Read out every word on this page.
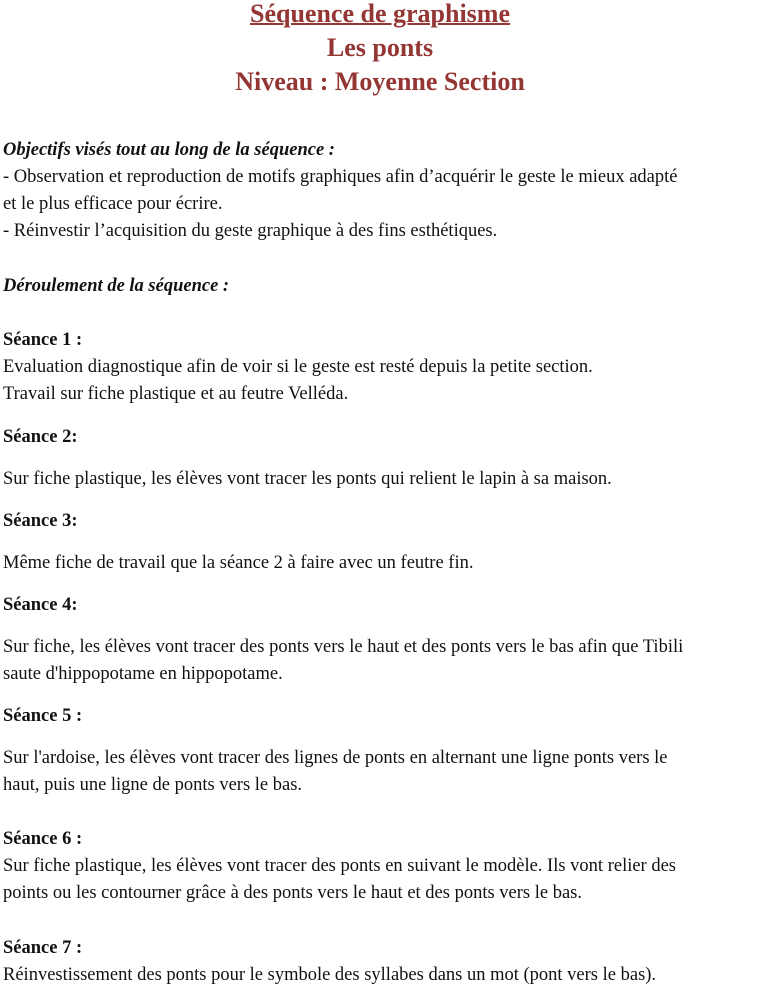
Séquence de graphisme
Les ponts
Niveau : Moyenne Section
Objectifs visés tout au long de la séquence :
- Observation et reproduction de motifs graphiques afin d’acquérir le geste le mieux adapté
et le plus efficace pour écrire.
- Réinvestir l’acquisition du geste graphique à des fins esthétiques.
Déroulement de la séquence :
Séance 1 :
Evaluation diagnostique afin de voir si le geste est resté depuis la petite section.
Travail sur fiche plastique et au feutre Velléda.
Séance 2:
Sur fiche plastique, les élèves vont tracer les ponts qui relient le lapin à sa maison.
Séance 3:
Même fiche de travail que la séance 2 à faire avec un feutre fin.
Séance 4:
Sur fiche, les élèves vont tracer des ponts vers le haut et des ponts vers le bas afin que Tibili
saute d'hippopotame en hippopotame.
Séance 5 :
Sur l'ardoise, les élèves vont tracer des lignes de ponts en alternant une ligne ponts vers le
haut, puis une ligne de ponts vers le bas.
Séance 6 :
Sur fiche plastique, les élèves vont tracer des ponts en suivant le modèle. Ils vont relier des
points ou les contourner grâce à des ponts vers le haut et des ponts vers le bas.
Séance 7 :
Réinvestissement des ponts pour le symbole des syllabes dans un mot (pont vers le bas).
